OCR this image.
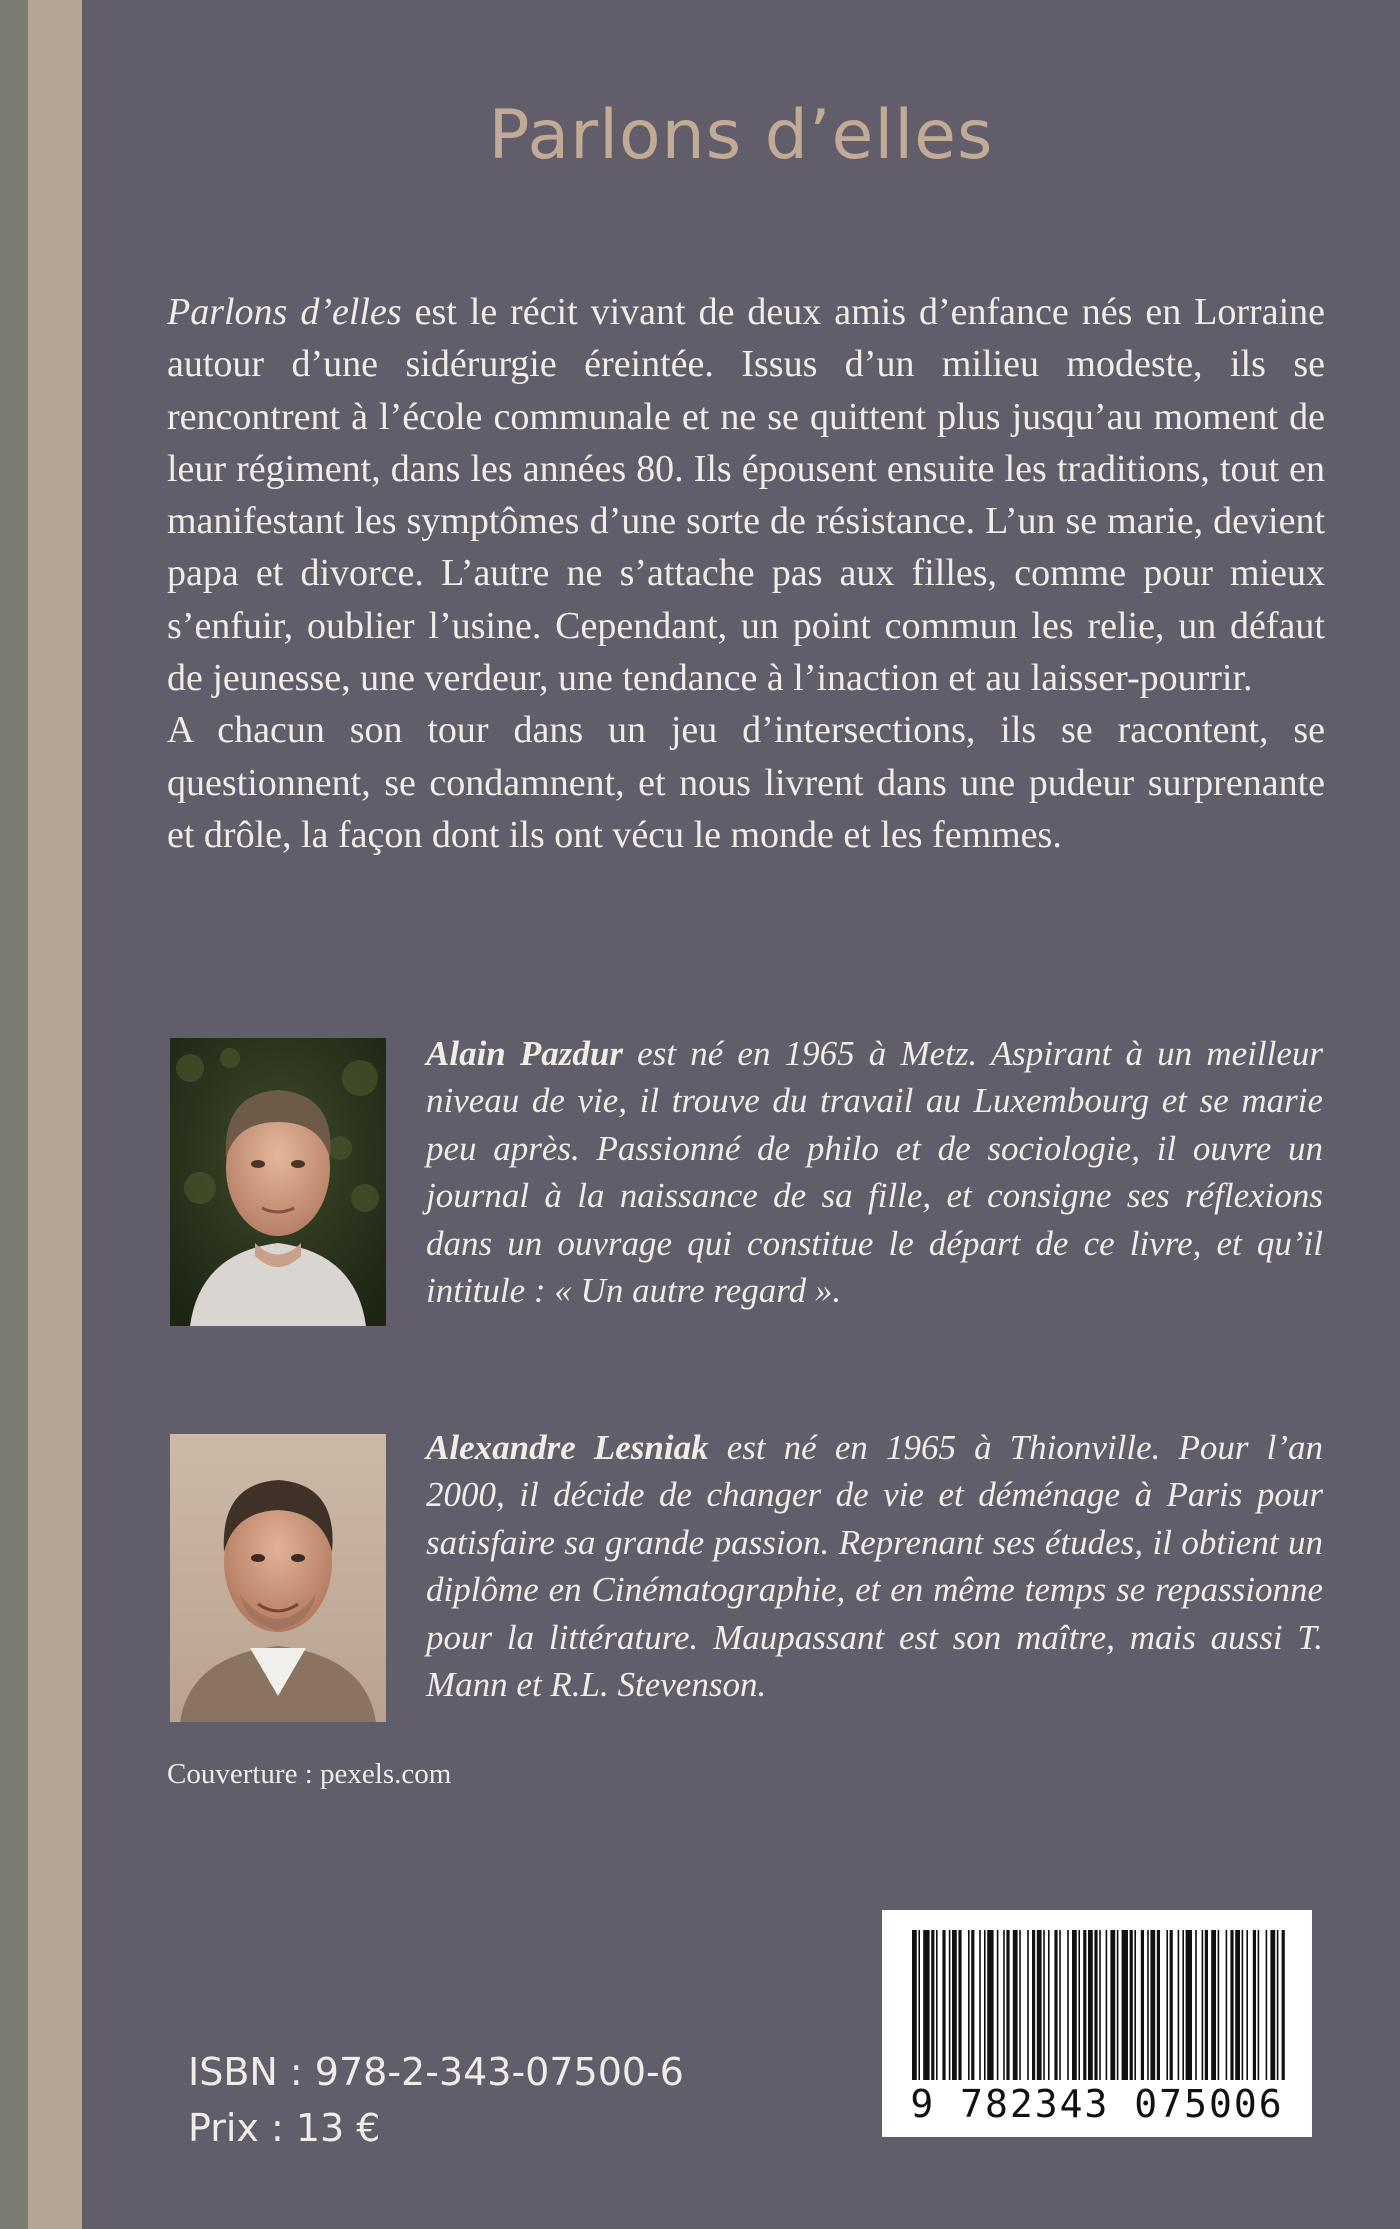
Parlons d’elles

Parlons d’elles est le récit vivant de deux amis d’enfance nés en Lorraine autour d’une sidérurgie éreintée. Issus d’un milieu modeste, ils se rencontrent à l’école communale et ne se quittent plus jusqu’au moment de leur régiment, dans les années 80. Ils épousent ensuite les traditions, tout en manifestant les symptômes d’une sorte de résistance. L’un se marie, devient papa et divorce. L’autre ne s’attache pas aux filles, comme pour mieux s’enfuir, oublier l’usine. Cependant, un point commun les relie, un défaut de jeunesse, une verdeur, une tendance à l’inaction et au laisser-pourrir.

A chacun son tour dans un jeu d’intersections, ils se racontent, se questionnent, se condamnent, et nous livrent dans une pudeur surprenante et drôle, la façon dont ils ont vécu le monde et les femmes.

Alain Pazdur est né en 1965 à Metz. Aspirant à un meilleur niveau de vie, il trouve du travail au Luxembourg et se marie peu après. Passionné de philo et de sociologie, il ouvre un journal à la naissance de sa fille, et consigne ses réflexions dans un ouvrage qui constitue le départ de ce livre, et qu’il intitule : « Un autre regard ».

Alexandre Lesniak est né en 1965 à Thionville. Pour l’an 2000, il décide de changer de vie et déménage à Paris pour satisfaire sa grande passion. Reprenant ses études, il obtient un diplôme en Cinématographie, et en même temps se repassionne pour la littérature. Maupassant est son maître, mais aussi T. Mann et R.L. Stevenson.

Couverture : pexels.com

ISBN : 978-2-343-07500-6
Prix : 13 €
9 782343 075006
